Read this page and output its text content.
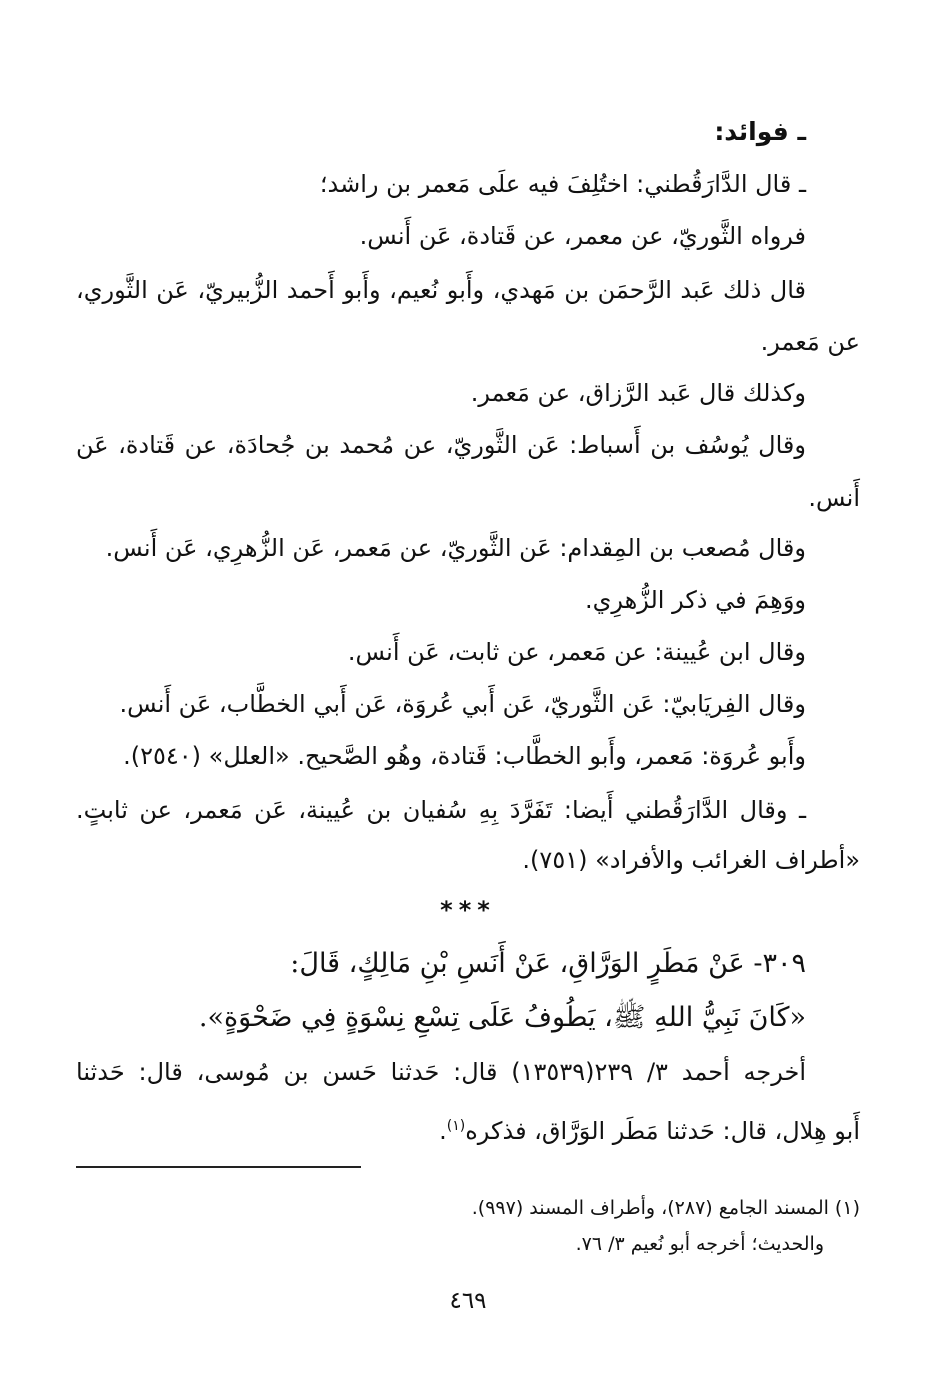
ـ فوائد:
ـ قال الدَّارَقُطني: اختُلِفَ فيه علَى مَعمر بن راشد؛
فرواه الثَّوريّ، عن معمر، عن قَتادة، عَن أَنس.
قال ذلك عَبد الرَّحمَن بن مَهدي، وأَبو نُعيم، وأَبو أَحمد الزُّبيريّ، عَن الثَّوري،
عن مَعمر.
وكذلك قال عَبد الرَّزاق، عن مَعمر.
وقال يُوسُف بن أَسباط: عَن الثَّوريّ، عن مُحمد بن جُحادَة، عن قَتادة، عَن
أَنس.
وقال مُصعب بن المِقدام: عَن الثَّوريّ، عن مَعمر، عَن الزُّهرِي، عَن أَنس.
ووَهِمَ في ذكر الزُّهرِي.
وقال ابن عُيينة: عن مَعمر، عن ثابت، عَن أَنس.
وقال الفِريَابيّ: عَن الثَّوريّ، عَن أَبي عُروَة، عَن أَبي الخطَّاب، عَن أَنس.
وأَبو عُروَة: مَعمر، وأَبو الخطَّاب: قَتادة، وهُو الصَّحيح. «العلل» (٢٥٤٠).
ـ وقال الدَّارَقُطني أَيضا: تَفَرَّدَ بِهِ سُفيان بن عُيينة، عَن مَعمر، عن ثابتٍ.
«أطراف الغرائب والأفراد» (٧٥١).
***
٣٠٩- عَنْ مَطَرٍ الوَرَّاقِ، عَنْ أَنَسِ بْنِ مَالِكٍ، قَالَ:
«كَانَ نَبِيُّ اللهِ ﷺ، يَطُوفُ عَلَى تِسْعِ نِسْوَةٍ فِي ضَحْوَةٍ».
أخرجه أحمد ٣/ ٢٣٩(١٣٥٣٩) قال: حَدثنا حَسن بن مُوسى، قال: حَدثنا
أَبو هِلال، قال: حَدثنا مَطَر الوَرَّاق، فذكره$^{(١)}$.
(١) المسند الجامع (٢٨٧)، وأطراف المسند (٩٩٧).
والحديث؛ أخرجه أبو نُعيم ٣/ ٧٦.
٤٦٩
